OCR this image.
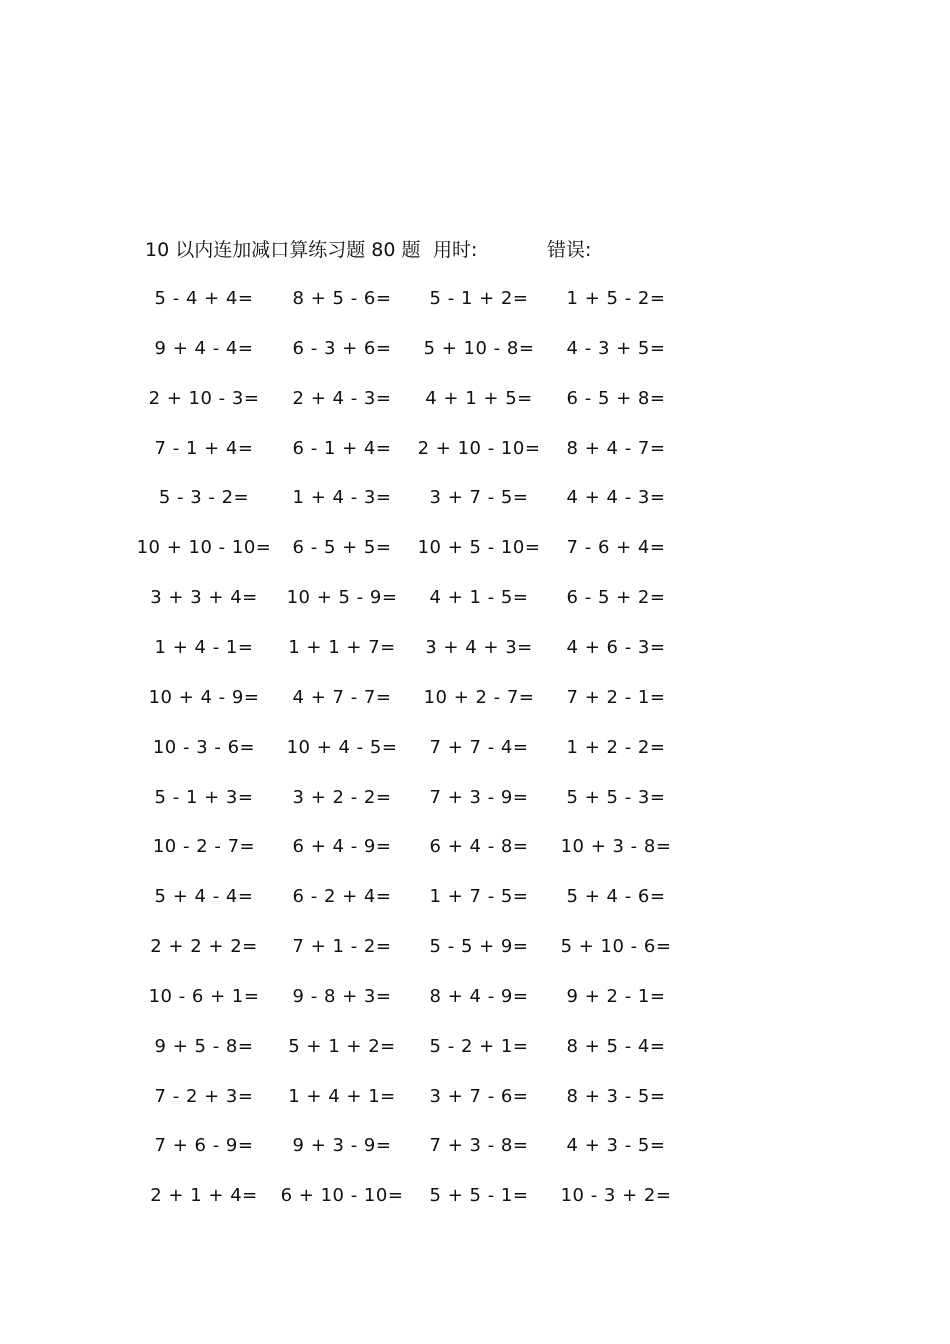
10 以内连加减口算练习题 80 题 用时:	错误:
5 - 4 + 4=	8 + 5 - 6=	5 - 1 + 2=	1 + 5 - 2=
9 + 4 - 4=	6 - 3 + 6=	5 + 10 - 8=	4 - 3 + 5=
2 + 10 - 3=	2 + 4 - 3=	4 + 1 + 5=	6 - 5 + 8=
7 - 1 + 4=	6 - 1 + 4=	2 + 10 - 10=	8 + 4 - 7=
5 - 3 - 2=	1 + 4 - 3=	3 + 7 - 5=	4 + 4 - 3=
10 + 10 - 10=	6 - 5 + 5=	10 + 5 - 10=	7 - 6 + 4=
3 + 3 + 4=	10 + 5 - 9=	4 + 1 - 5=	6 - 5 + 2=
1 + 4 - 1=	1 + 1 + 7=	3 + 4 + 3=	4 + 6 - 3=
10 + 4 - 9=	4 + 7 - 7=	10 + 2 - 7=	7 + 2 - 1=
10 - 3 - 6=	10 + 4 - 5=	7 + 7 - 4=	1 + 2 - 2=
5 - 1 + 3=	3 + 2 - 2=	7 + 3 - 9=	5 + 5 - 3=
10 - 2 - 7=	6 + 4 - 9=	6 + 4 - 8=	10 + 3 - 8=
5 + 4 - 4=	6 - 2 + 4=	1 + 7 - 5=	5 + 4 - 6=
2 + 2 + 2=	7 + 1 - 2=	5 - 5 + 9=	5 + 10 - 6=
10 - 6 + 1=	9 - 8 + 3=	8 + 4 - 9=	9 + 2 - 1=
9 + 5 - 8=	5 + 1 + 2=	5 - 2 + 1=	8 + 5 - 4=
7 - 2 + 3=	1 + 4 + 1=	3 + 7 - 6=	8 + 3 - 5=
7 + 6 - 9=	9 + 3 - 9=	7 + 3 - 8=	4 + 3 - 5=
2 + 1 + 4=	6 + 10 - 10=	5 + 5 - 1=	10 - 3 + 2=
